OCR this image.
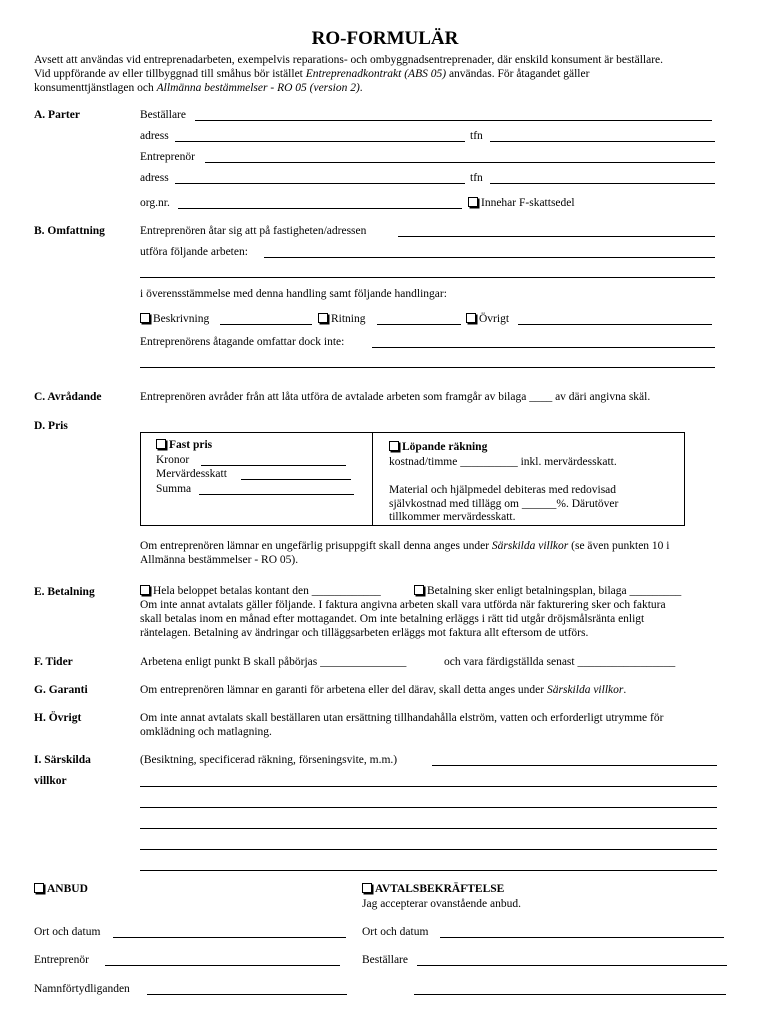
RO-FORMULÄR
Avsett att användas vid entreprenadarbeten, exempelvis reparations- och ombyggnadsentreprenader, där enskild konsument är beställare.
Vid uppförande av eller tillbyggnad till småhus bör istället Entreprenadkontrakt (ABS 05) användas. För åtagandet gäller
konsumenttjänstlagen och Allmänna bestämmelser - RO 05 (version 2).
A. Parter	Beställare
adress	tfn
Entreprenör
adress	tfn
org.nr.	Innehar F-skattsedel
B. Omfattning	Entreprenören åtar sig att på fastigheten/adressen
utföra följande arbeten:
i överensstämmelse med denna handling samt följande handlingar:
Beskrivning	Ritning	Övrigt
Entreprenörens åtagande omfattar dock inte:
C. Avrådande	Entreprenören avråder från att låta utföra de avtalade arbeten som framgår av bilaga ____ av däri angivna skäl.
D. Pris
Fast pris
Kronor
Mervärdesskatt
Summa
Löpande räkning
kostnad/timme __________ inkl. mervärdesskatt.
Material och hjälpmedel debiteras med redovisad
självkostnad med tillägg om ______%. Därutöver
tillkommer mervärdesskatt.
Om entreprenören lämnar en ungefärlig prisuppgift skall denna anges under Särskilda villkor (se även punkten 10 i
Allmänna bestämmelser - RO 05).
E. Betalning	Hela beloppet betalas kontant den ____________	Betalning sker enligt betalningsplan, bilaga _________
Om inte annat avtalats gäller följande. I faktura angivna arbeten skall vara utförda när fakturering sker och faktura
skall betalas inom en månad efter mottagandet. Om inte betalning erläggs i rätt tid utgår dröjsmålsränta enligt
räntelagen. Betalning av ändringar och tilläggsarbeten erläggs mot faktura allt eftersom de utförs.
F. Tider	Arbetena enligt punkt B skall påbörjas _______________	och vara färdigställda senast _________________
G. Garanti	Om entreprenören lämnar en garanti för arbetena eller del därav, skall detta anges under Särskilda villkor.
H. Övrigt	Om inte annat avtalats skall beställaren utan ersättning tillhandahålla elström, vatten och erforderligt utrymme för
omklädning och matlagning.
I. Särskilda
villkor
(Besiktning, specificerad räkning, förseningsvite, m.m.)
ANBUD	AVTALSBEKRÄFTELSE
Jag accepterar ovanstående anbud.
Ort och datum	Ort och datum
Entreprenör	Beställare
Namnförtydliganden
